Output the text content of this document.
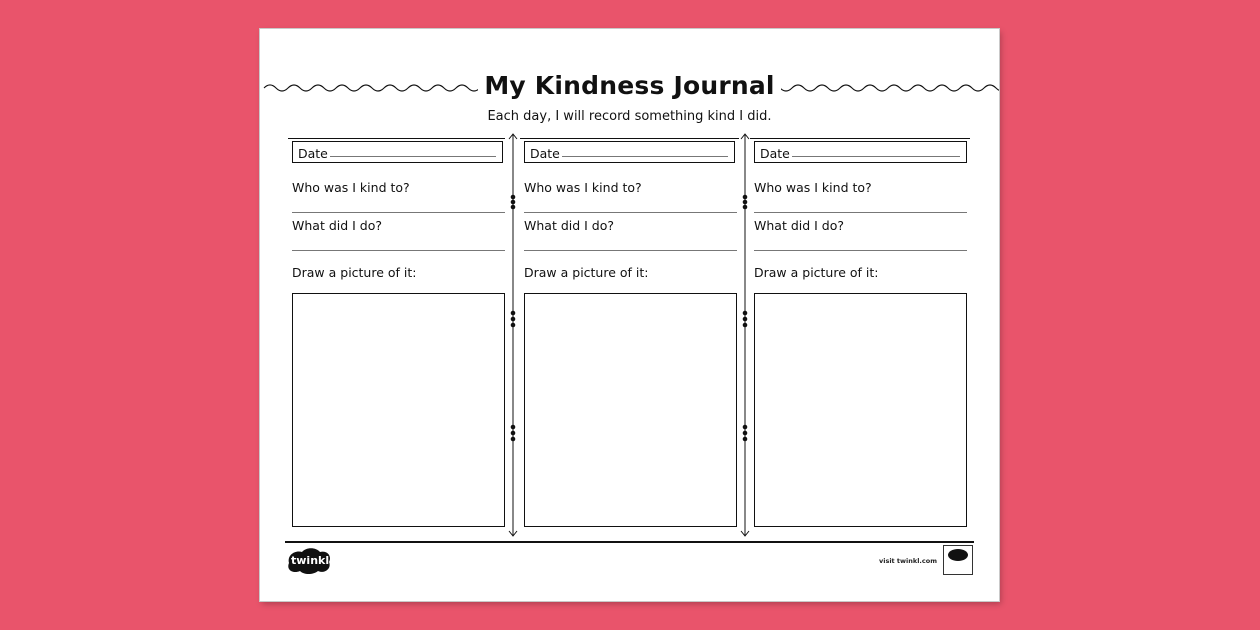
My Kindness Journal
Each day, I will record something kind I did.
Date
Who was I kind to?
What did I do?
Draw a picture of it:
Date
Who was I kind to?
What did I do?
Draw a picture of it:
Date
Who was I kind to?
What did I do?
Draw a picture of it:
twinkl	visit twinkl.com
